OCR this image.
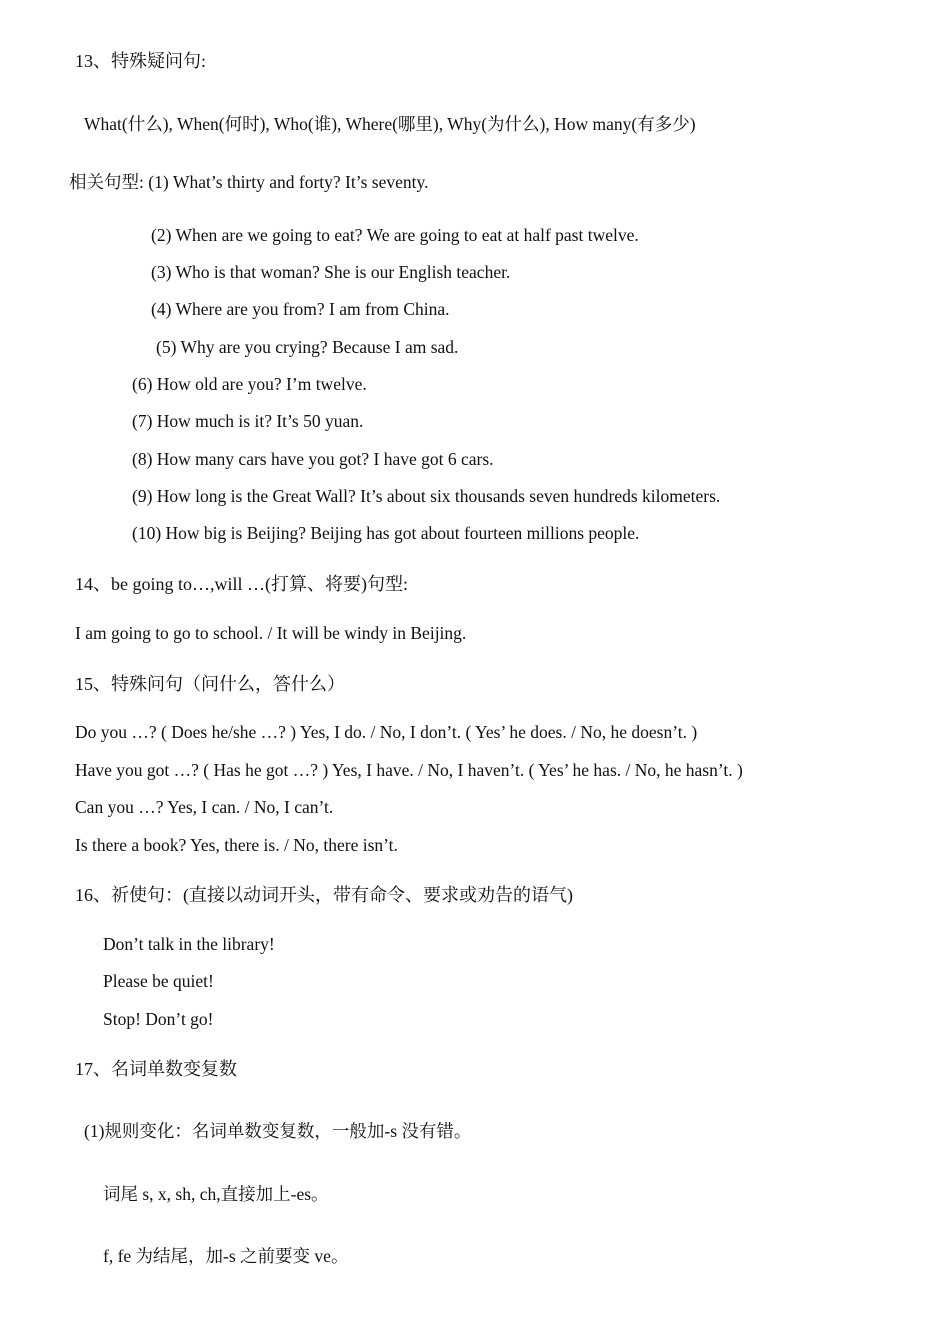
13、特殊疑问句:
What(什么), When(何时), Who(谁), Where(哪里), Why(为什么), How many(有多少)
相关句型: (1) What’s thirty and forty? It’s seventy.
(2) When are we going to eat? We are going to eat at half past twelve.
(3) Who is that woman? She is our English teacher.
(4) Where are you from? I am from China.
(5) Why are you crying? Because I am sad.
(6) How old are you? I’m twelve.
(7) How much is it? It’s 50 yuan.
(8) How many cars have you got? I have got 6 cars.
(9) How long is the Great Wall? It’s about six thousands seven hundreds kilometers.
(10) How big is Beijing? Beijing has got about fourteen millions people.
14、be going to…,will …(打算、将要)句型:
I am going to go to school. / It will be windy in Beijing.
15、特殊问句（问什么，答什么）
Do you …? ( Does he/she …? ) Yes, I do. / No, I don’t. ( Yes’ he does. / No, he doesn’t. )
Have you got …? ( Has he got …? ) Yes, I have. / No, I haven’t. ( Yes’ he has. / No, he hasn’t. )
Can you …? Yes, I can. / No, I can’t.
Is there a book? Yes, there is. / No, there isn’t.
16、祈使句：(直接以动词开头，带有命令、要求或劝告的语气)
Don’t talk in the library!
Please be quiet!
Stop! Don’t go!
17、名词单数变复数
(1)规则变化：名词单数变复数，一般加-s 没有错。
词尾 s, x, sh, ch,直接加上-es。
f, fe 为结尾，加-s 之前要变 ve。
